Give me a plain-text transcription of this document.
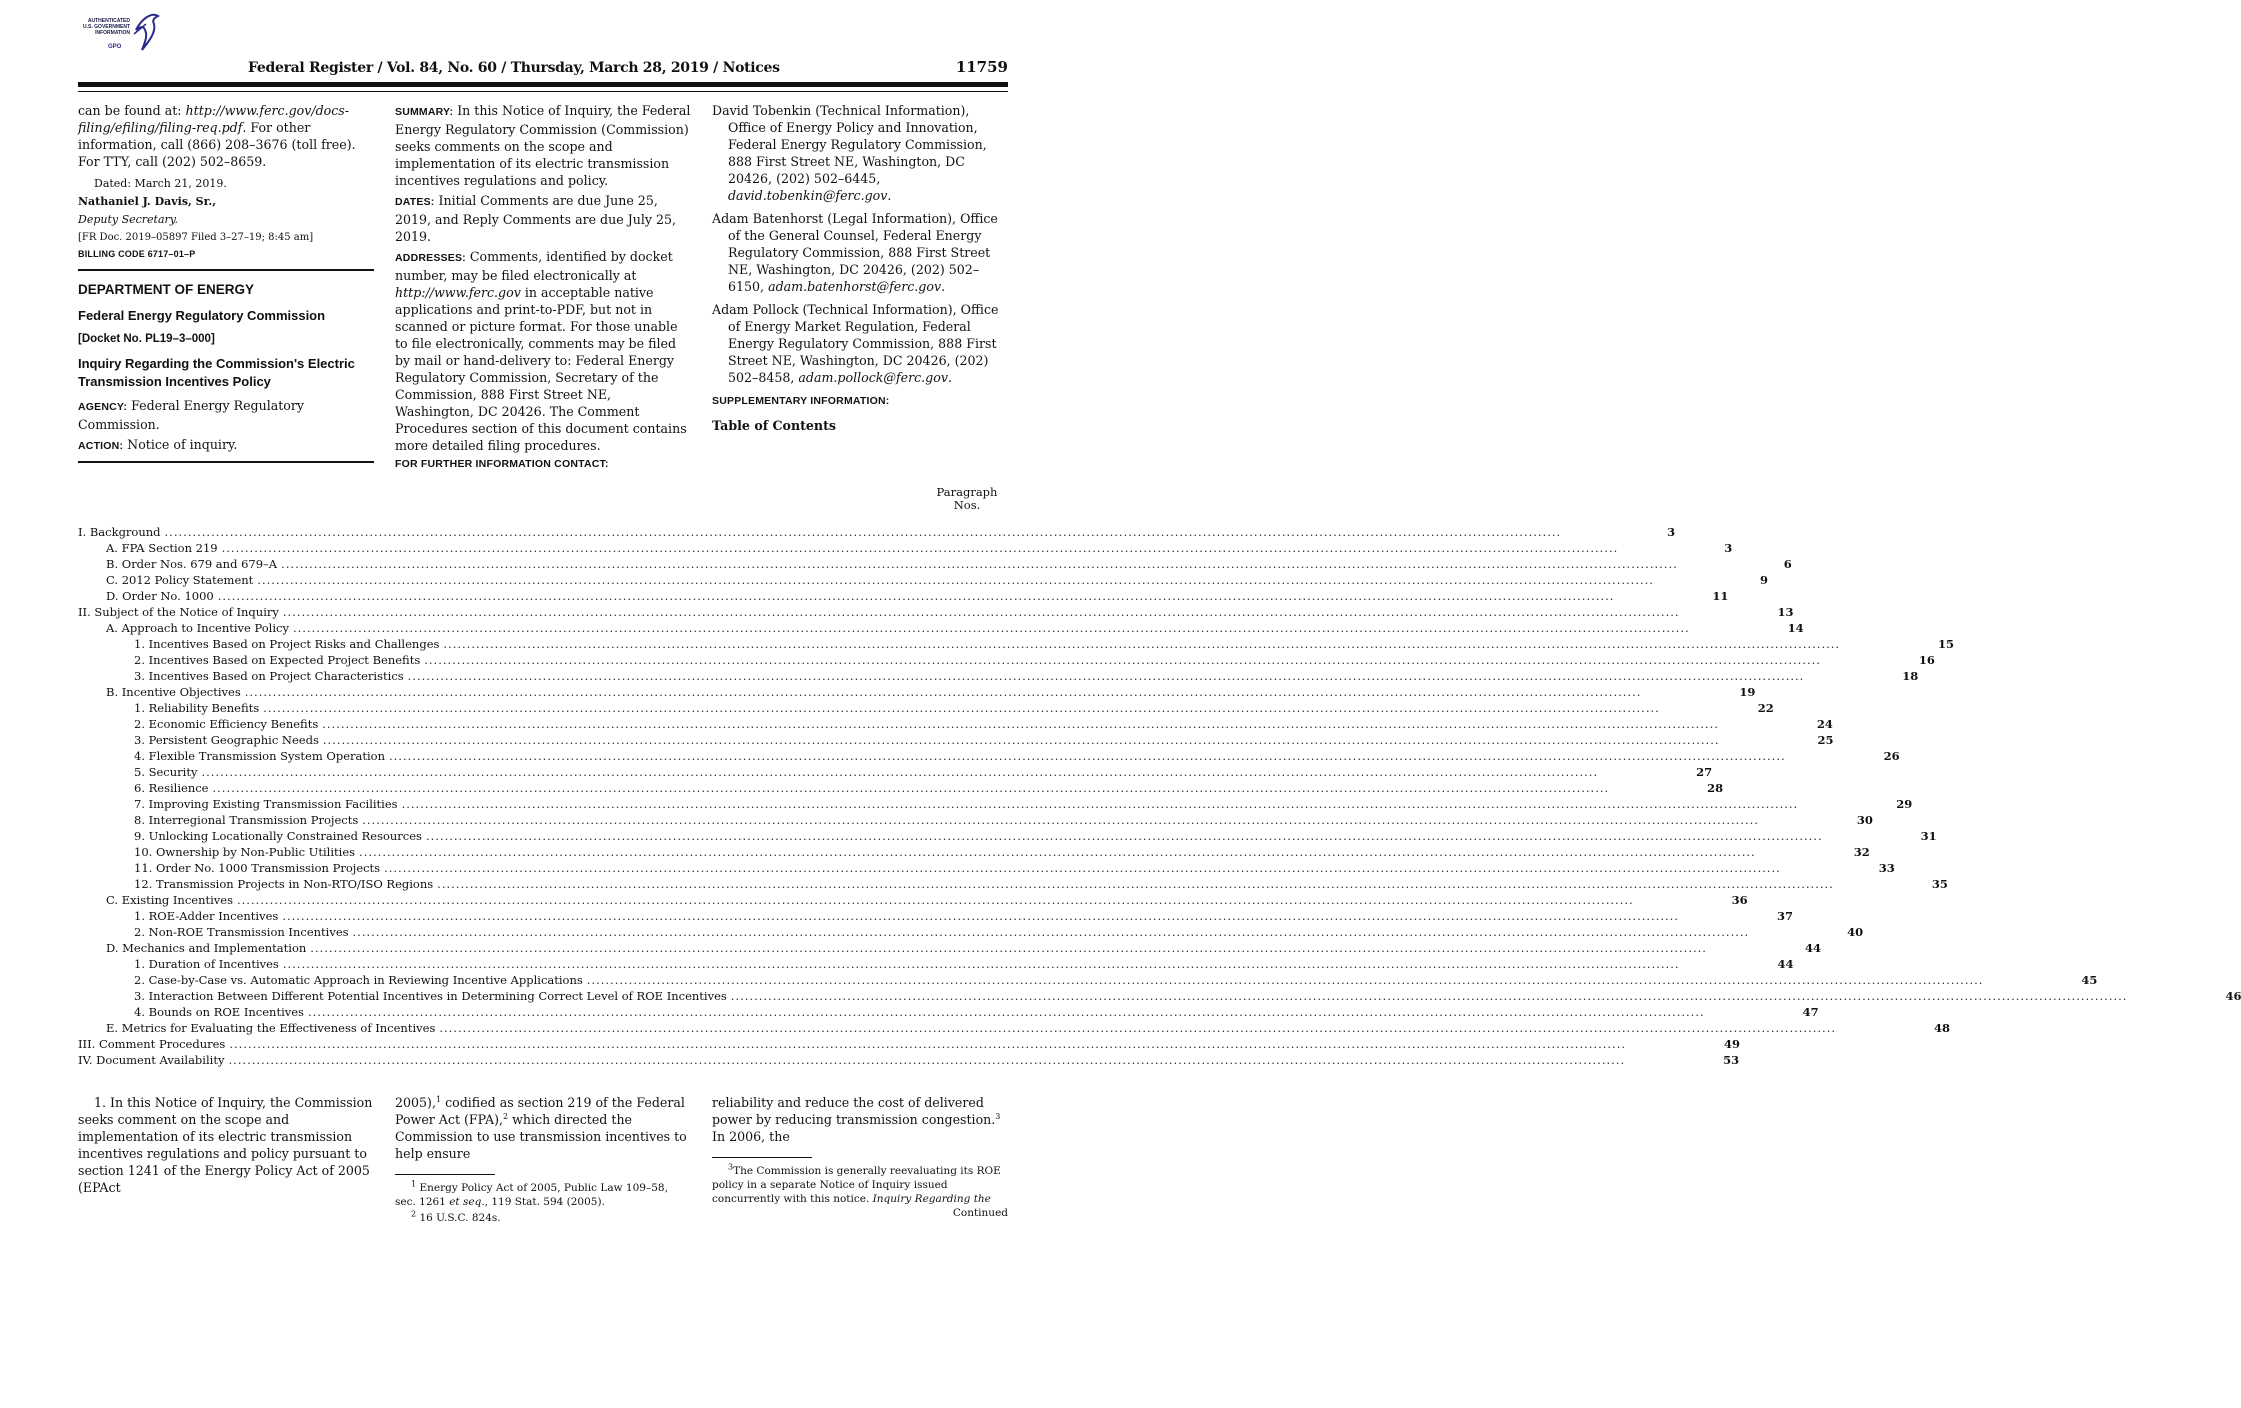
AUTHENTICATED
U.S. GOVERNMENT
INFORMATION
GPO
Federal Register / Vol. 84, No. 60 / Thursday, March 28, 2019 / Notices	11759

can be found at: http://www.ferc.gov/docs-filing/efiling/filing-req.pdf. For other information, call (866) 208–3676 (toll free). For TTY, call (202) 502–8659.

Dated: March 21, 2019.

Nathaniel J. Davis, Sr.,

Deputy Secretary.

[FR Doc. 2019–05897 Filed 3–27–19; 8:45 am]

BILLING CODE 6717–01–P

DEPARTMENT OF ENERGY

Federal Energy Regulatory Commission

[Docket No. PL19–3–000]

Inquiry Regarding the Commission's Electric Transmission Incentives Policy

AGENCY: Federal Energy Regulatory Commission.

ACTION: Notice of inquiry.

SUMMARY: In this Notice of Inquiry, the Federal Energy Regulatory Commission (Commission) seeks comments on the scope and implementation of its electric transmission incentives regulations and policy.

DATES: Initial Comments are due June 25, 2019, and Reply Comments are due July 25, 2019.

ADDRESSES: Comments, identified by docket number, may be filed electronically at http://www.ferc.gov in acceptable native applications and print-to-PDF, but not in scanned or picture format. For those unable to file electronically, comments may be filed by mail or hand-delivery to: Federal Energy Regulatory Commission, Secretary of the Commission, 888 First Street NE, Washington, DC 20426. The Comment Procedures section of this document contains more detailed filing procedures.

FOR FURTHER INFORMATION CONTACT:

David Tobenkin (Technical Information), Office of Energy Policy and Innovation, Federal Energy Regulatory Commission, 888 First Street NE, Washington, DC 20426, (202) 502–6445, david.tobenkin@ferc.gov.

Adam Batenhorst (Legal Information), Office of the General Counsel, Federal Energy Regulatory Commission, 888 First Street NE, Washington, DC 20426, (202) 502–6150, adam.batenhorst@ferc.gov.

Adam Pollock (Technical Information), Office of Energy Market Regulation, Federal Energy Regulatory Commission, 888 First Street NE, Washington, DC 20426, (202) 502–8458, adam.pollock@ferc.gov.

SUPPLEMENTARY INFORMATION:

Table of Contents

Paragraph Nos.
I. Background ............................................................................................................................................................................................................................................................................................................	3
A. FPA Section 219 ............................................................................................................................................................................................................................................................................................................	3
B. Order Nos. 679 and 679–A ............................................................................................................................................................................................................................................................................................................	6
C. 2012 Policy Statement ............................................................................................................................................................................................................................................................................................................	9
D. Order No. 1000 ............................................................................................................................................................................................................................................................................................................	11
II. Subject of the Notice of Inquiry ............................................................................................................................................................................................................................................................................................................	13
A. Approach to Incentive Policy ............................................................................................................................................................................................................................................................................................................	14
1. Incentives Based on Project Risks and Challenges ............................................................................................................................................................................................................................................................................................................	15
2. Incentives Based on Expected Project Benefits ............................................................................................................................................................................................................................................................................................................	16
3. Incentives Based on Project Characteristics ............................................................................................................................................................................................................................................................................................................	18
B. Incentive Objectives ............................................................................................................................................................................................................................................................................................................	19
1. Reliability Benefits ............................................................................................................................................................................................................................................................................................................	22
2. Economic Efficiency Benefits ............................................................................................................................................................................................................................................................................................................	24
3. Persistent Geographic Needs ............................................................................................................................................................................................................................................................................................................	25
4. Flexible Transmission System Operation ............................................................................................................................................................................................................................................................................................................	26
5. Security ............................................................................................................................................................................................................................................................................................................	27
6. Resilience ............................................................................................................................................................................................................................................................................................................	28
7. Improving Existing Transmission Facilities ............................................................................................................................................................................................................................................................................................................	29
8. Interregional Transmission Projects ............................................................................................................................................................................................................................................................................................................	30
9. Unlocking Locationally Constrained Resources ............................................................................................................................................................................................................................................................................................................	31
10. Ownership by Non-Public Utilities ............................................................................................................................................................................................................................................................................................................	32
11. Order No. 1000 Transmission Projects ............................................................................................................................................................................................................................................................................................................	33
12. Transmission Projects in Non-RTO/ISO Regions ............................................................................................................................................................................................................................................................................................................	35
C. Existing Incentives ............................................................................................................................................................................................................................................................................................................	36
1. ROE-Adder Incentives ............................................................................................................................................................................................................................................................................................................	37
2. Non-ROE Transmission Incentives ............................................................................................................................................................................................................................................................................................................	40
D. Mechanics and Implementation ............................................................................................................................................................................................................................................................................................................	44
1. Duration of Incentives ............................................................................................................................................................................................................................................................................................................	44
2. Case-by-Case vs. Automatic Approach in Reviewing Incentive Applications ............................................................................................................................................................................................................................................................................................................	45
3. Interaction Between Different Potential Incentives in Determining Correct Level of ROE Incentives ............................................................................................................................................................................................................................................................................................................	46
4. Bounds on ROE Incentives ............................................................................................................................................................................................................................................................................................................	47
E. Metrics for Evaluating the Effectiveness of Incentives ............................................................................................................................................................................................................................................................................................................	48
III. Comment Procedures ............................................................................................................................................................................................................................................................................................................	49
IV. Document Availability ............................................................................................................................................................................................................................................................................................................	53

1. In this Notice of Inquiry, the Commission seeks comment on the scope and implementation of its electric transmission incentives regulations and policy pursuant to section 1241 of the Energy Policy Act of 2005 (EPAct

2005),$^1$ codified as section 219 of the Federal Power Act (FPA),$^2$ which directed the Commission to use transmission incentives to help ensure

$^1$ Energy Policy Act of 2005, Public Law 109–58, sec. 1261 et seq., 119 Stat. 594 (2005).

$^2$ 16 U.S.C. 824s.

reliability and reduce the cost of delivered power by reducing transmission congestion.$^3$ In 2006, the

$^3$The Commission is generally reevaluating its ROE policy in a separate Notice of Inquiry issued concurrently with this notice. Inquiry Regarding the

Continued
